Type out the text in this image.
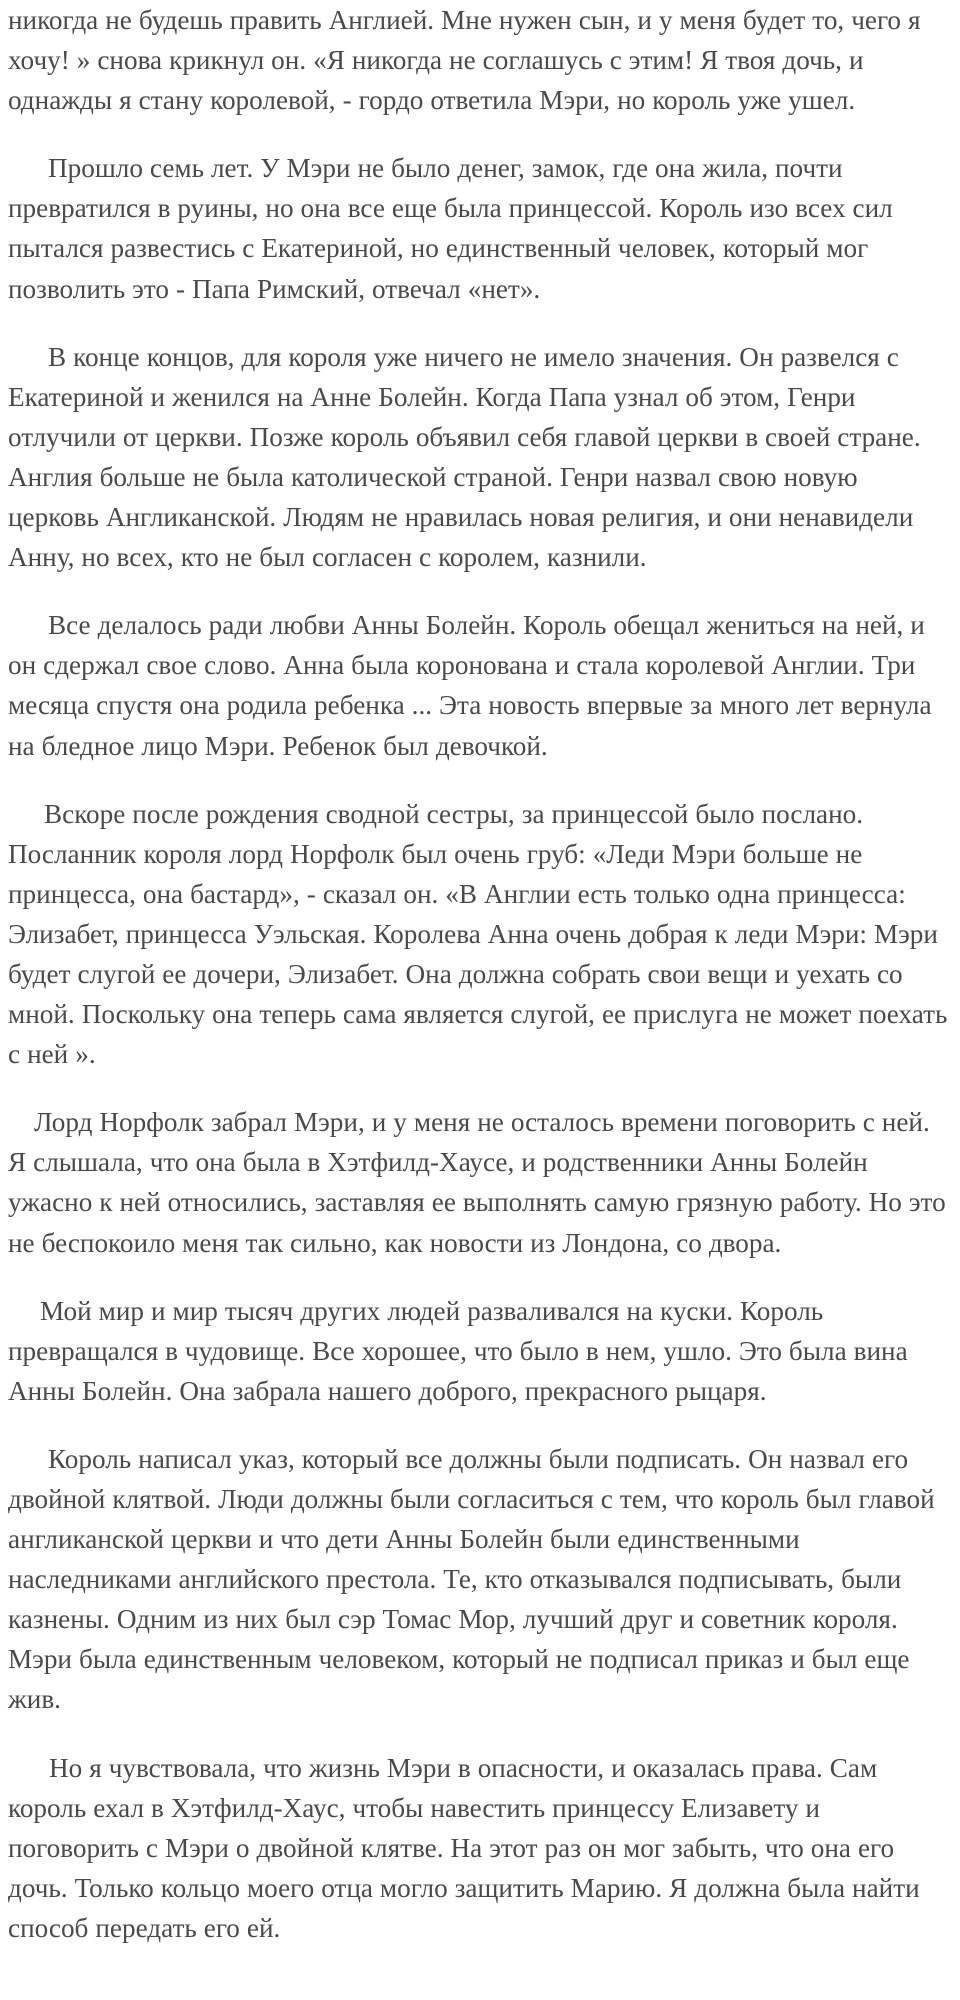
никогда не будешь править Англией. Мне нужен сын, и у меня будет то, чего я хочу! » снова крикнул он. «Я никогда не соглашусь с этим! Я твоя дочь, и однажды я стану королевой, - гордо ответила Мэри, но король уже ушел.

Прошло семь лет. У Мэри не было денег, замок, где она жила, почти превратился в руины, но она все еще была принцессой. Король изо всех сил пытался развестись с Екатериной, но единственный человек, который мог позволить это - Папа Римский, отвечал «нет».

В конце концов, для короля уже ничего не имело значения. Он развелся с Екатериной и женился на Анне Болейн. Когда Папа узнал об этом, Генри отлучили от церкви. Позже король объявил себя главой церкви в своей стране. Англия больше не была католической страной. Генри назвал свою новую церковь Англиканской. Людям не нравилась новая религия, и они ненавидели Анну, но всех, кто не был согласен с королем, казнили.

Все делалось ради любви Анны Болейн. Король обещал жениться на ней, и он сдержал свое слово. Анна была коронована и стала королевой Англии. Три месяца спустя она родила ребенка ... Эта новость впервые за много лет вернула на бледное лицо Мэри. Ребенок был девочкой.

Вскоре после рождения сводной сестры, за принцессой было послано. Посланник короля лорд Норфолк был очень груб: «Леди Мэри больше не принцесса, она бастард», - сказал он. «В Англии есть только одна принцесса: Элизабет, принцесса Уэльская. Королева Анна очень добрая к леди Мэри: Мэри будет слугой ее дочери, Элизабет. Она должна собрать свои вещи и уехать со мной. Поскольку она теперь сама является слугой, ее прислуга не может поехать с ней ».

Лорд Норфолк забрал Мэри, и у меня не осталось времени поговорить с ней. Я слышала, что она была в Хэтфилд-Хаусе, и родственники Анны Болейн ужасно к ней относились, заставляя ее выполнять самую грязную работу. Но это не беспокоило меня так сильно, как новости из Лондона, со двора.

Мой мир и мир тысяч других людей разваливался на куски. Король превращался в чудовище. Все хорошее, что было в нем, ушло. Это была вина Анны Болейн. Она забрала нашего доброго, прекрасного рыцаря.

Король написал указ, который все должны были подписать. Он назвал его двойной клятвой. Люди должны были согласиться с тем, что король был главой англиканской церкви и что дети Анны Болейн были единственными наследниками английского престола. Те, кто отказывался подписывать, были казнены. Одним из них был сэр Томас Мор, лучший друг и советник короля. Мэри была единственным человеком, который не подписал приказ и был еще жив.

Но я чувствовала, что жизнь Мэри в опасности, и оказалась права. Сам король ехал в Хэтфилд-Хаус, чтобы навестить принцессу Елизавету и поговорить с Мэри о двойной клятве. На этот раз он мог забыть, что она его дочь. Только кольцо моего отца могло защитить Марию. Я должна была найти способ передать его ей.
